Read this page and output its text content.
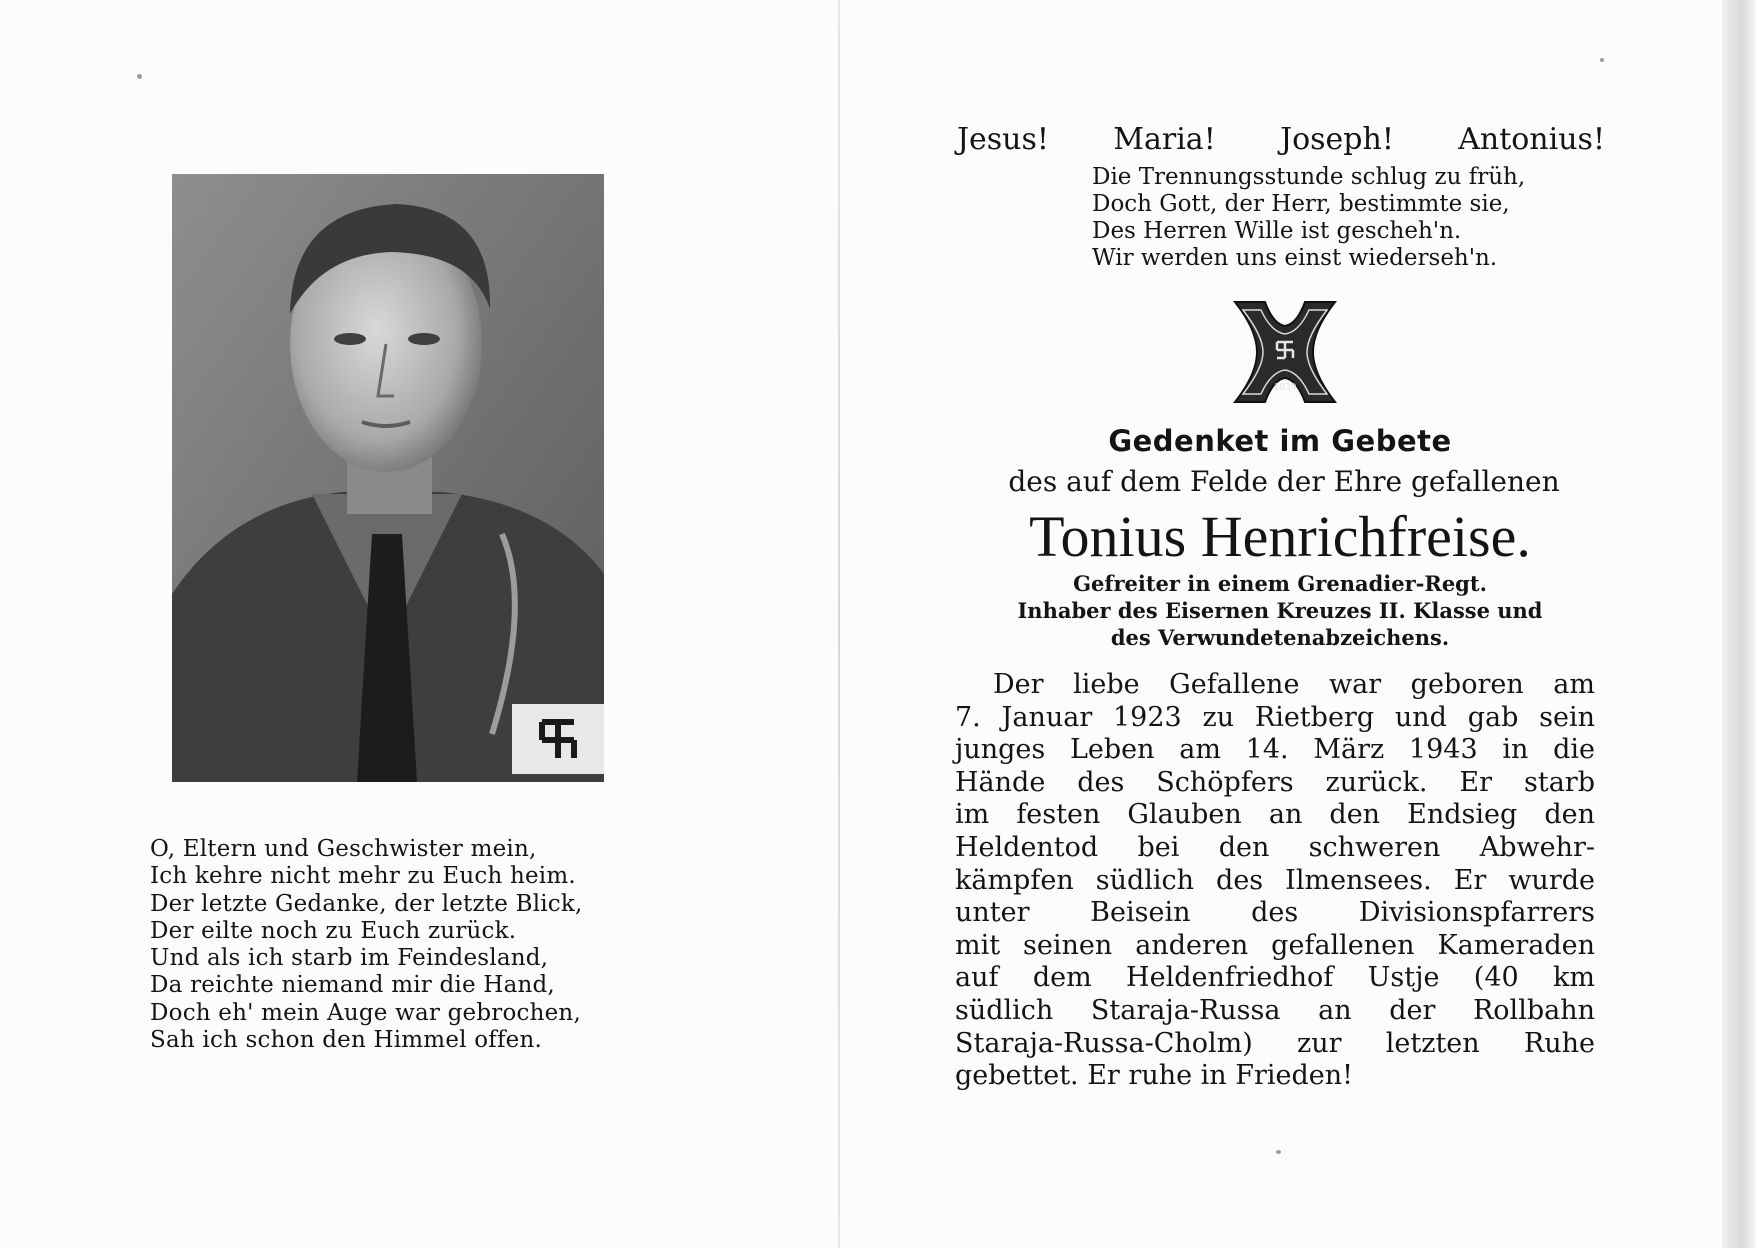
O, Eltern und Geschwister mein,
Ich kehre nicht mehr zu Euch heim.
Der letzte Gedanke, der letzte Blick,
Der eilte noch zu Euch zurück.
Und als ich starb im Feindesland,
Da reichte niemand mir die Hand,
Doch eh' mein Auge war gebrochen,
Sah ich schon den Himmel offen.
Jesus! Maria! Joseph! Antonius!
Die Trennungsstunde schlug zu früh,
Doch Gott, der Herr, bestimmte sie,
Des Herren Wille ist gescheh'n.
Wir werden uns einst wiederseh'n.
1939
Gedenket im Gebete
des auf dem Felde der Ehre gefallenen
Tonius Henrichfreise.
Gefreiter in einem Grenadier-Regt.
Inhaber des Eisernen Kreuzes II. Klasse und
des Verwundetenabzeichens.
Der liebe Gefallene war geboren am
7. Januar 1923 zu Rietberg und gab sein
junges Leben am 14. März 1943 in die
Hände des Schöpfers zurück. Er starb
im festen Glauben an den Endsieg den
Heldentod bei den schweren Abwehr-
kämpfen südlich des Ilmensees. Er wurde
unter Beisein des Divisionspfarrers
mit seinen anderen gefallenen Kameraden
auf dem Heldenfriedhof Ustje (40 km
südlich Staraja-Russa an der Rollbahn
Staraja-Russa-Cholm) zur letzten Ruhe
gebettet. Er ruhe in Frieden!
